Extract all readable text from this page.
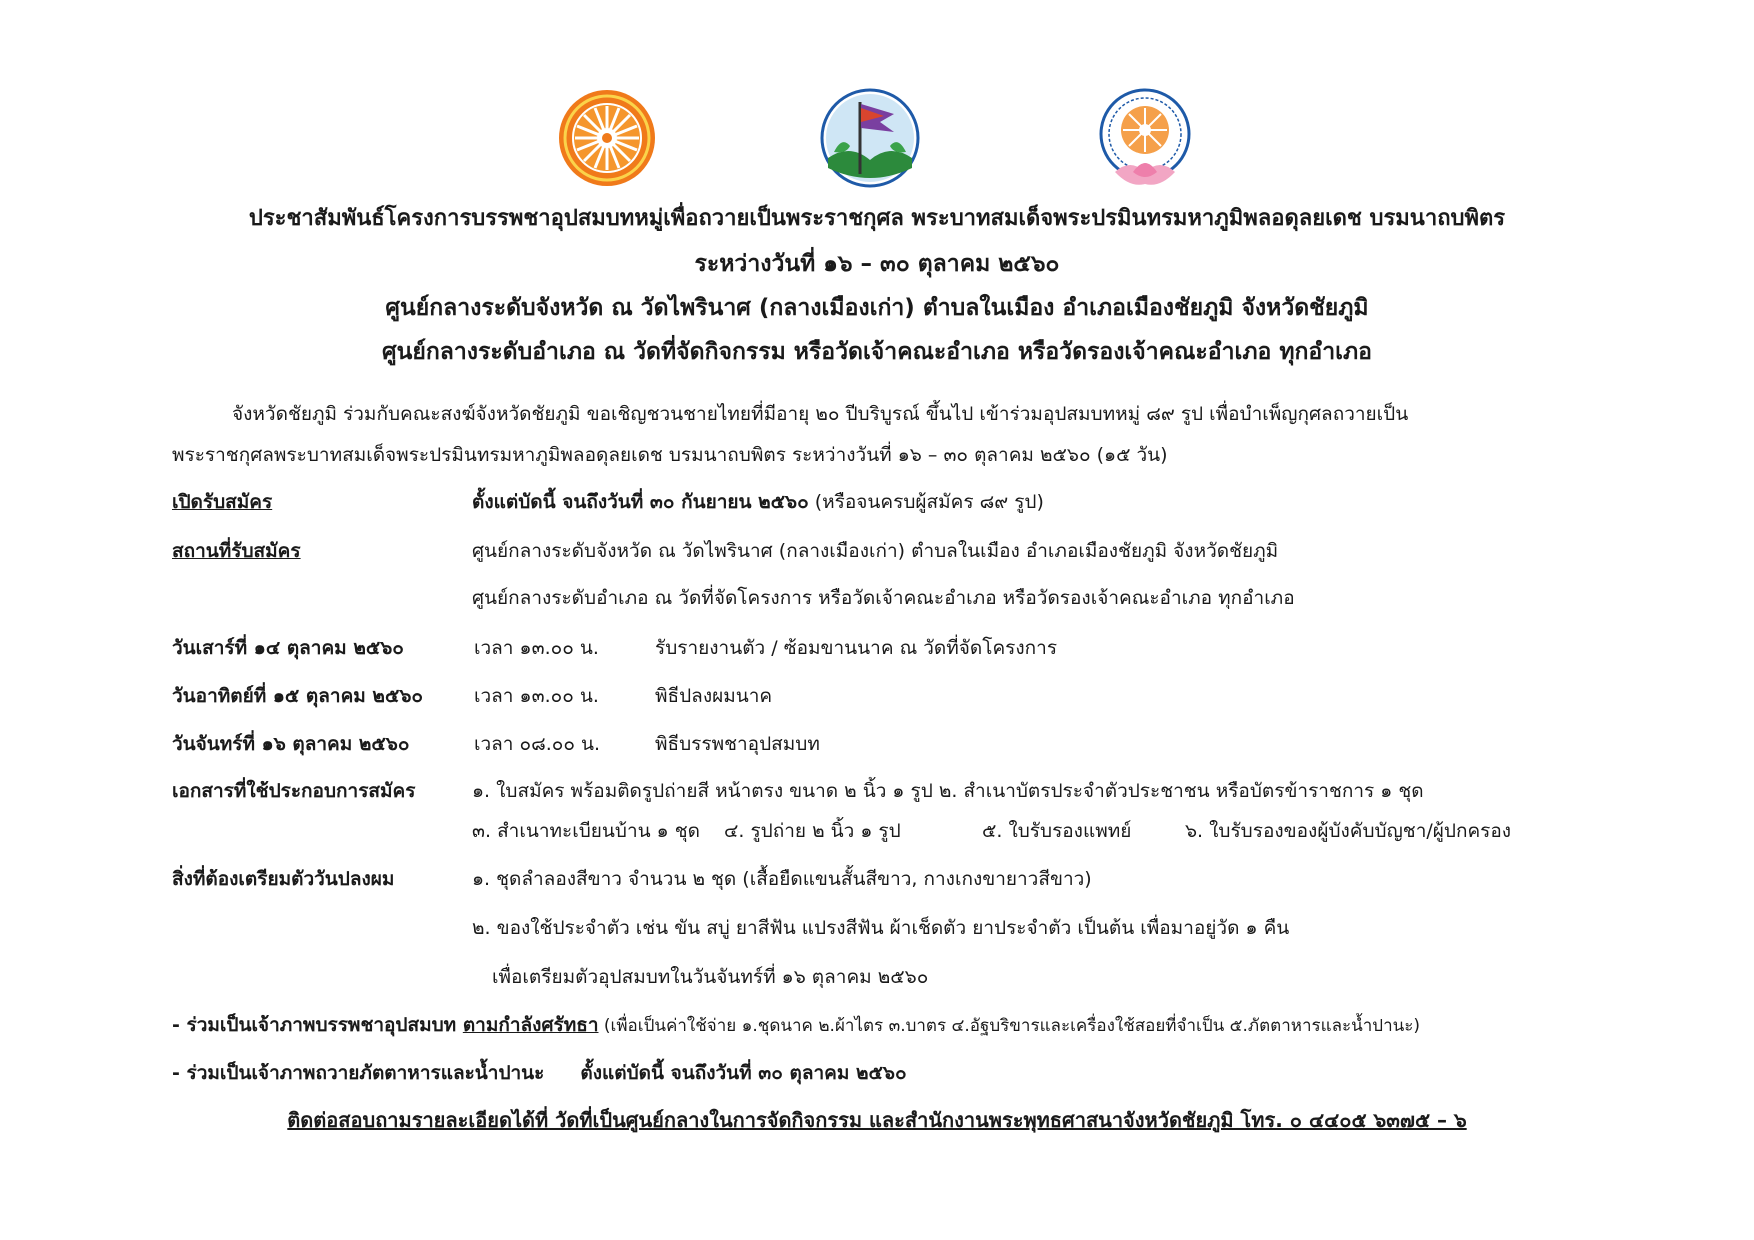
ประชาสัมพันธ์โครงการบรรพชาอุปสมบทหมู่เพื่อถวายเป็นพระราชกุศล พระบาทสมเด็จพระปรมินทรมหาภูมิพลอดุลยเดช บรมนาถบพิตร
ระหว่างวันที่ ๑๖ – ๓๐ ตุลาคม ๒๕๖๐
ศูนย์กลางระดับจังหวัด ณ วัดไพรินาศ (กลางเมืองเก่า) ตำบลในเมือง อำเภอเมืองชัยภูมิ จังหวัดชัยภูมิ
ศูนย์กลางระดับอำเภอ ณ วัดที่จัดกิจกรรม หรือวัดเจ้าคณะอำเภอ หรือวัดรองเจ้าคณะอำเภอ ทุกอำเภอ
จังหวัดชัยภูมิ ร่วมกับคณะสงฆ์จังหวัดชัยภูมิ ขอเชิญชวนชายไทยที่มีอายุ ๒๐ ปีบริบูรณ์ ขึ้นไป เข้าร่วมอุปสมบทหมู่ ๘๙ รูป เพื่อบำเพ็ญกุศลถวายเป็น
พระราชกุศลพระบาทสมเด็จพระปรมินทรมหาภูมิพลอดุลยเดช บรมนาถบพิตร ระหว่างวันที่ ๑๖ – ๓๐ ตุลาคม ๒๕๖๐ (๑๕ วัน)
เปิดรับสมัคร	ตั้งแต่บัดนี้ จนถึงวันที่ ๓๐ กันยายน ๒๕๖๐ (หรือจนครบผู้สมัคร ๘๙ รูป)
สถานที่รับสมัคร	ศูนย์กลางระดับจังหวัด ณ วัดไพรินาศ (กลางเมืองเก่า) ตำบลในเมือง อำเภอเมืองชัยภูมิ จังหวัดชัยภูมิ
ศูนย์กลางระดับอำเภอ ณ วัดที่จัดโครงการ หรือวัดเจ้าคณะอำเภอ หรือวัดรองเจ้าคณะอำเภอ ทุกอำเภอ
วันเสาร์ที่ ๑๔ ตุลาคม ๒๕๖๐	เวลา ๑๓.๐๐ น.	รับรายงานตัว / ซ้อมขานนาค ณ วัดที่จัดโครงการ
วันอาทิตย์ที่ ๑๕ ตุลาคม ๒๕๖๐	เวลา ๑๓.๐๐ น.	พิธีปลงผมนาค
วันจันทร์ที่ ๑๖ ตุลาคม ๒๕๖๐	เวลา ๐๘.๐๐ น.	พิธีบรรพชาอุปสมบท
เอกสารที่ใช้ประกอบการสมัคร	๑. ใบสมัคร พร้อมติดรูปถ่ายสี หน้าตรง ขนาด ๒ นิ้ว ๑ รูป ๒. สำเนาบัตรประจำตัวประชาชน หรือบัตรข้าราชการ ๑ ชุด
๓. สำเนาทะเบียนบ้าน ๑ ชุด ๔. รูปถ่าย ๒ นิ้ว ๑ รูป	๕. ใบรับรองแพทย์	๖. ใบรับรองของผู้บังคับบัญชา/ผู้ปกครอง
สิ่งที่ต้องเตรียมตัววันปลงผม	๑. ชุดลำลองสีขาว จำนวน ๒ ชุด (เสื้อยืดแขนสั้นสีขาว, กางเกงขายาวสีขาว)
๒. ของใช้ประจำตัว เช่น ขัน สบู่ ยาสีฟัน แปรงสีฟัน ผ้าเช็ดตัว ยาประจำตัว เป็นต้น เพื่อมาอยู่วัด ๑ คืน
เพื่อเตรียมตัวอุปสมบทในวันจันทร์ที่ ๑๖ ตุลาคม ๒๕๖๐
- ร่วมเป็นเจ้าภาพบรรพชาอุปสมบท ตามกำลังศรัทธา (เพื่อเป็นค่าใช้จ่าย ๑.ชุดนาค ๒.ผ้าไตร ๓.บาตร ๔.อัฐบริขารและเครื่องใช้สอยที่จำเป็น ๕.ภัตตาหารและน้ำปานะ)
- ร่วมเป็นเจ้าภาพถวายภัตตาหารและน้ำปานะ ตั้งแต่บัดนี้ จนถึงวันที่ ๓๐ ตุลาคม ๒๕๖๐
ติดต่อสอบถามรายละเอียดได้ที่ วัดที่เป็นศูนย์กลางในการจัดกิจกรรม และสำนักงานพระพุทธศาสนาจังหวัดชัยภูมิ โทร. ๐ ๔๔๐๕ ๖๓๗๕ – ๖
